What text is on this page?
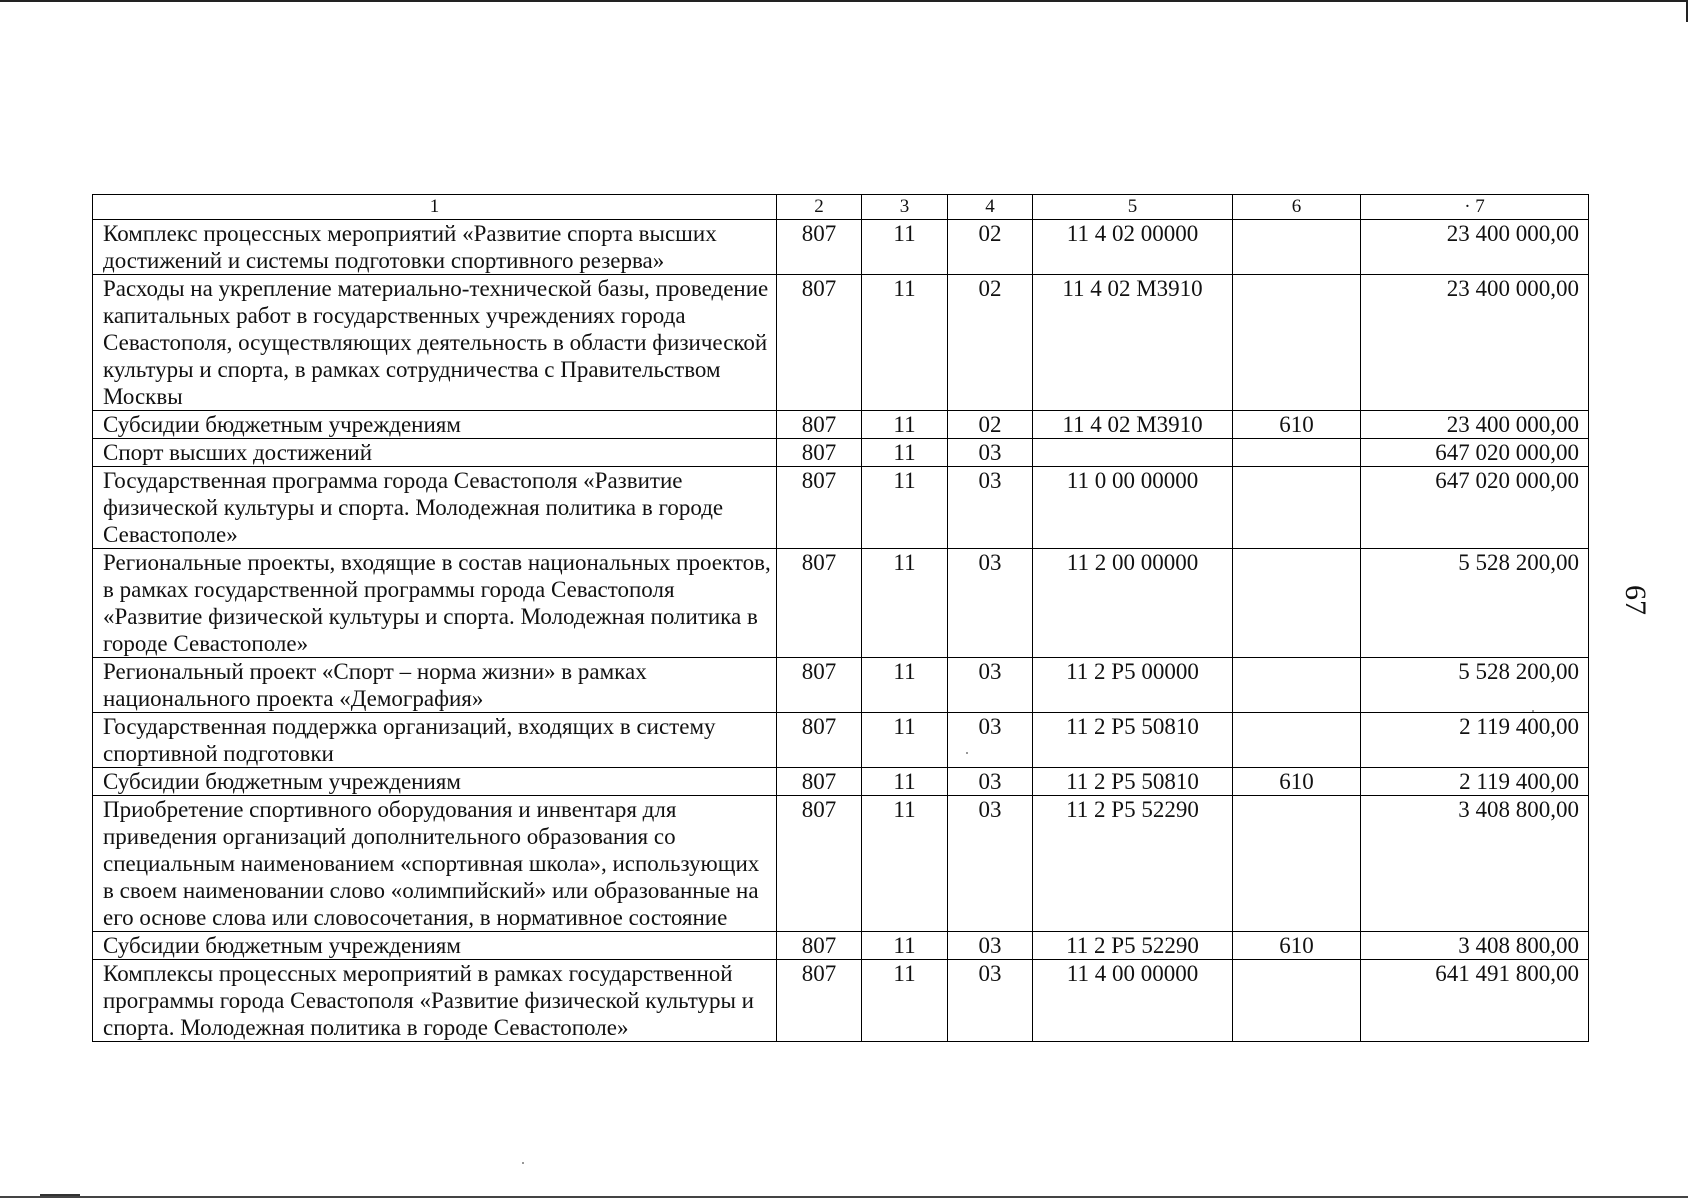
1	2	3	4	5	6	· 7
Комплекс процессных мероприятий «Развитие спорта высших достижений и системы подготовки спортивного резерва»	807	11	02	11 4 02 00000		23 400 000,00
Расходы на укрепление материально-технической базы, проведение капитальных работ в государственных учреждениях города Севастополя, осуществляющих деятельность в области физической культуры и спорта, в рамках сотрудничества с Правительством Москвы	807	11	02	11 4 02 М3910		23 400 000,00
Субсидии бюджетным учреждениям	807	11	02	11 4 02 М3910	610	23 400 000,00
Спорт высших достижений	807	11	03			647 020 000,00
Государственная программа города Севастополя «Развитие физической культуры и спорта. Молодежная политика в городе Севастополе»	807	11	03	11 0 00 00000		647 020 000,00
Региональные проекты, входящие в состав национальных проектов, в рамках государственной программы города Севастополя «Развитие физической культуры и спорта. Молодежная политика в городе Севастополе»	807	11	03	11 2 00 00000		5 528 200,00
Региональный проект «Спорт – норма жизни» в рамках национального проекта «Демография»	807	11	03	11 2 Р5 00000		5 528 200,00
Государственная поддержка организаций, входящих в систему спортивной подготовки	807	11	03	11 2 Р5 50810		2 119 400,00
Субсидии бюджетным учреждениям	807	11	03	11 2 Р5 50810	610	2 119 400,00
Приобретение спортивного оборудования и инвентаря для приведения организаций дополнительного образования со специальным наименованием «спортивная школа», использующих в своем наименовании слово «олимпийский» или образованные на его основе слова или словосочетания, в нормативное состояние	807	11	03	11 2 Р5 52290		3 408 800,00
Субсидии бюджетным учреждениям	807	11	03	11 2 Р5 52290	610	3 408 800,00
Комплексы процессных мероприятий в рамках государственной программы города Севастополя «Развитие физической культуры и спорта. Молодежная политика в городе Севастополе»	807	11	03	11 4 00 00000		641 491 800,00
67
